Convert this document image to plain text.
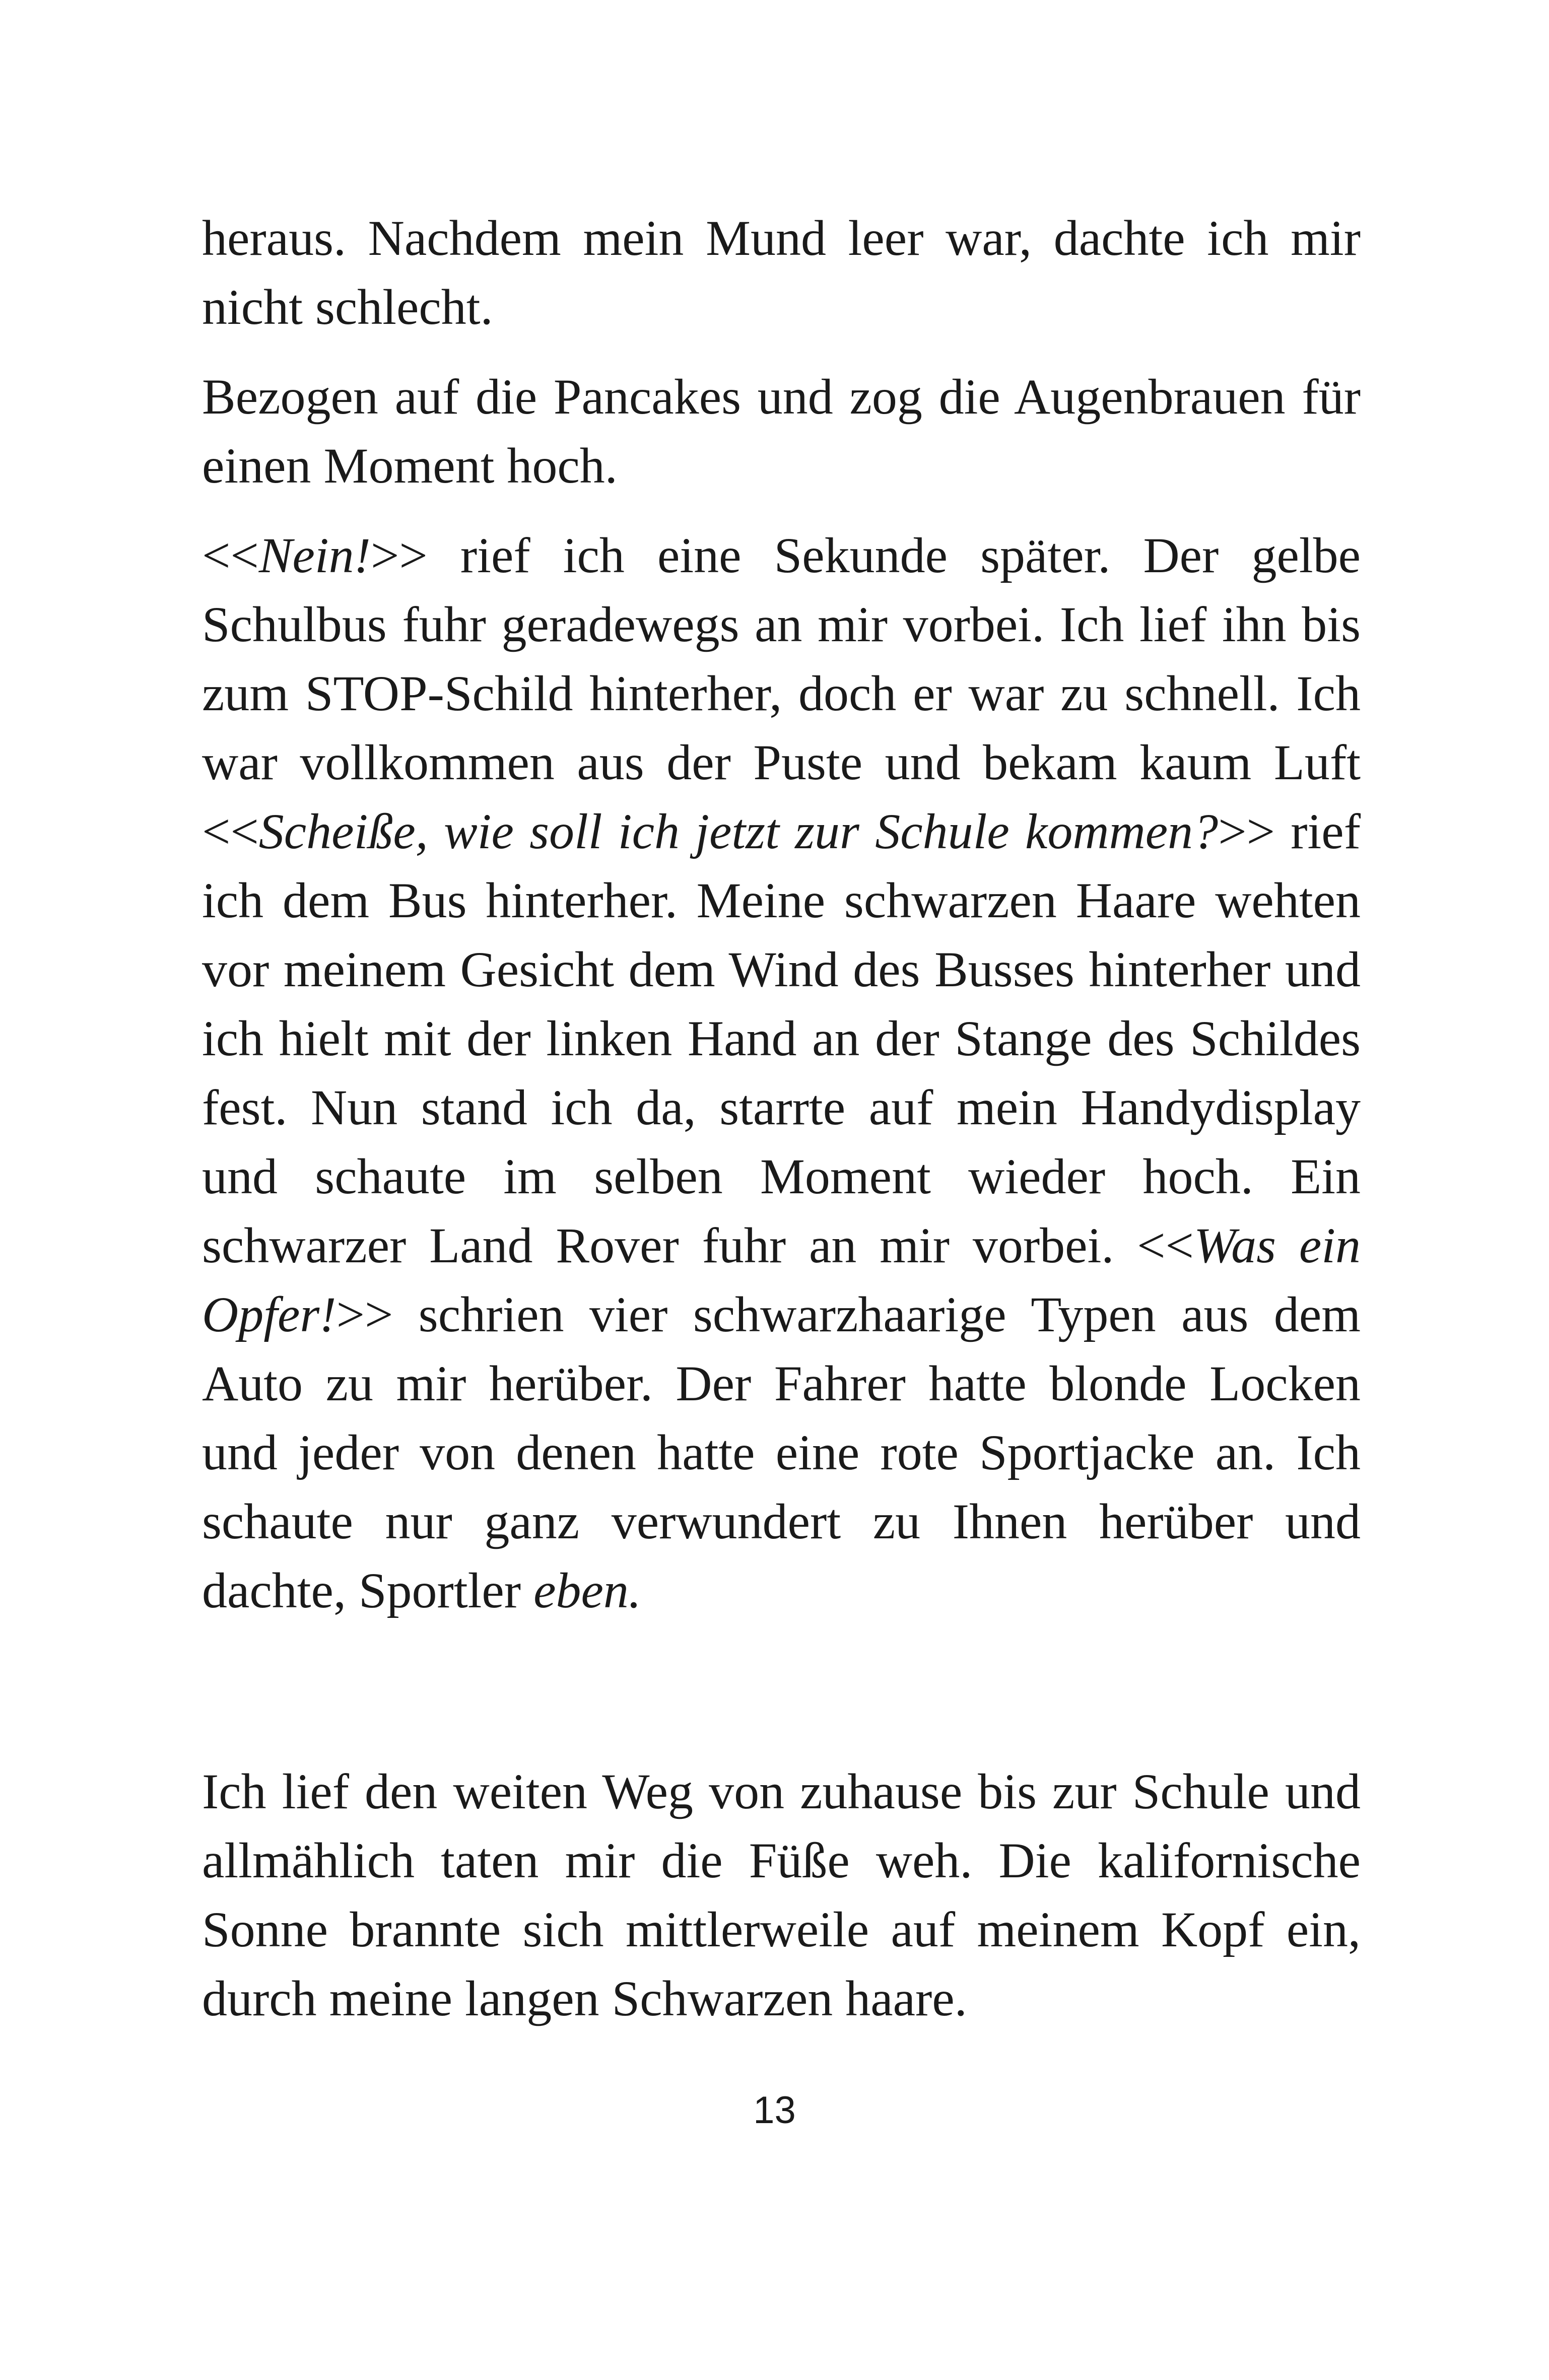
heraus. Nachdem mein Mund leer war, dachte ich mir nicht schlecht.

Bezogen auf die Pancakes und zog die Augenbrauen für einen Moment hoch.

<<Nein!>> rief ich eine Sekunde später. Der gelbe Schulbus fuhr geradewegs an mir vorbei. Ich lief ihn bis zum STOP-Schild hinterher, doch er war zu schnell. Ich war vollkommen aus der Puste und bekam kaum Luft <<Scheiße, wie soll ich jetzt zur Schule kommen?>> rief ich dem Bus hinterher. Meine schwarzen Haare wehten vor meinem Gesicht dem Wind des Busses hinterher und ich hielt mit der linken Hand an der Stange des Schildes fest. Nun stand ich da, starrte auf mein Handydisplay und schaute im selben Moment wieder hoch. Ein schwarzer Land Rover fuhr an mir vorbei. <<Was ein Opfer!>> schrien vier schwarzhaarige Typen aus dem Auto zu mir herüber. Der Fahrer hatte blonde Locken und jeder von denen hatte eine rote Sportjacke an. Ich schaute nur ganz verwundert zu Ihnen herüber und dachte, Sportler eben.

Ich lief den weiten Weg von zuhause bis zur Schule und allmählich taten mir die Füße weh. Die kalifornische Sonne brannte sich mittlerweile auf meinem Kopf ein, durch meine langen Schwarzen haare.

13
